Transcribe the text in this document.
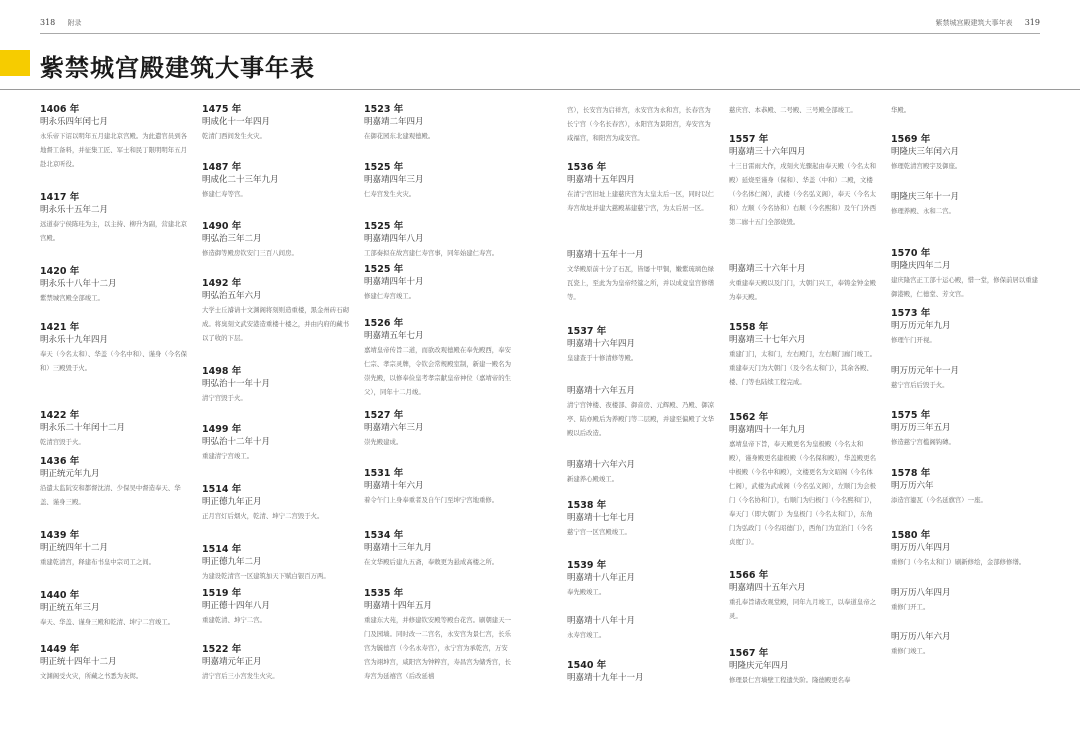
318 附录	紫禁城宫殿建筑大事年表 319
紫禁城宫殿建筑大事年表
1406 年
明永乐四年闰七月
永乐帝下诏以明年五月建北京宫殿。为此遣官员到各地督工备料，并征集工匠、军士和民丁限明明年五月赴北京听役。
1417 年
明永乐十五年二月
远道泰宁侯陈珪为主，以主持、柳升为副，营建北京宫殿。
1420 年
明永乐十八年十二月
紫禁城宫殿全部竣工。
1421 年
明永乐十九年四月
奉天（今名太和）、华盖（今名中和）、谨身（今名保和）三殿毁于火。
1422 年
明永乐二十年闰十二月
乾清宫毁于火。
1436 年
明正统元年九月
沿遣太监阮安和都督沈清、少保吴中督造奉天、华盖、谨身三殿。
1439 年
明正统四年十二月
重建乾清宫，释建布书皇中宗司工之间。
1440 年
明正统五年三月
奉天、华盖、谨身三殿和乾清、坤宁二宫竣工。
1449 年
明正统十四年十二月
文渊阁受火灾，所藏之书悉为灰烬。
1475 年
明成化十一年四月
乾清门西间发生火灾。
1487 年
明成化二十三年九月
修建仁寿等宫。
1490 年
明弘治三年二月
修造御等殿房钦安门三百八间房。
1492 年
明弘治五年六月
大学士丘濬请十文渊阁将刻则造重楼，黑金州砖石砌成。将臭刻文武安港造重楼十楼之，并由内府的藏书以了收的下层。
1498 年
明弘治十一年十月
清宁宫毁于火。
1499 年
明弘治十二年十月
重建清宁宫竣工。
1514 年
明正德九年正月
正月宫灯后烟火，乾清、坤宁二宫毁于火。
1514 年
明正德九年二月
为建设乾清宫一区建筑加天下赋白银百万两。
1519 年
明正德十四年八月
重建乾清、坤宁二宫。
1522 年
明嘉靖元年正月
清宁宫后三小宫发生火灾。
1523 年
明嘉靖二年四月
在御花园东北建观德殿。
1525 年
明嘉靖四年三月
仁寿宫发生火灾。
1525 年
明嘉靖四年八月
工部奏拟在故宫建仁寿宫事，同年始建仁寿宫。
1525 年
明嘉靖四年十月
修建仁寿宫竣工。
1526 年
明嘉靖五年七月
嘉靖皇帝传旨二道，而欲改观德殿在奉先殿西，奉安仁宗、孝宗灵牌，令钦会常规殿室制，新建一殿名为崇先殿，以修奉俭皇考孝宗献皇帝神位（嘉靖帝的生父），同年十二月竣。
1527 年
明嘉靖六年三月
崇先殿建成。
1531 年
明嘉靖十年六月
着令午门上身奉重者及自午门至坤宁宫地重修。
1534 年
明嘉靖十三年九月
在文华殿后建九五斋，奉敕更为悬成高楼之所。
1535 年
明嘉靖十四年五月
重建东大苑，并修建钦安殿等殿台花宫。刷朝建天一门及园墙。同时改一二宫名，永安宫为景仁宫，长乐宫为毓德宫（今名永寿宫），永宁宫为承乾宫，万安宫为翊坤宫，咸阳宫为钟粹宫，寿昌宫为储秀宫，长寿宫为延禧宫（后改延禧
宫），长安宫为启祥宫，永安宫为永和宫，长春宫为长宁宫（今名长春宫），永阳宫为景阳宫，寿安宫为咸福宫，和阳宫为咸安宫。
1536 年
明嘉靖十五年四月
在清宁宫旧址上建慈庆宫为太皇太后一区，同时以仁寿宫故址并建大慈殿基建慈宁宫，为太后居一区。
明嘉靖十五年十一月
文华殿原前十分了石瓦，皆屡十甲铜，嫩紫琉璃色绿瓦瓷上，至此为为皇帝经筵之所，并以成竟皇宫修缮等。
1537 年
明嘉靖十六年四月
皇建查于十修清修等殿。
明嘉靖十六年五月
清宁宫钟楼、夜楼部、御音房、元辉殿、乃殿、御凉亭、陆亦殿后为养殿门等二层殿，并建至偏殿了文华殿以后改造。
明嘉靖十六年六月
新建养心殿竣工。
1538 年
明嘉靖十七年七月
慈宁宫一区宫殿竣工。
1539 年
明嘉靖十八年正月
奉先殿竣工。
明嘉靖十八年十月
永寿宫竣工。
1540 年
明嘉靖十九年十一月
慈庆宫、本恭殿、二号殿、三号殿全部竣工。
1557 年
明嘉靖三十六年四月
十三日雷雨大作，戌刻火光骤起由奉天殿（今名太和殿）延烧至谨身（保和）、华盖（中和）二殿，文楼（今名体仁阁），武楼（今名弘义阁），奉天（今名太和）左顺（今名协和）右顺（今名熙和）及午门外西第二廊十五门全部烧毁。
明嘉靖三十六年十月
火重建奉天殿以及门门，大朝门兴工，奉铸金钟金殿为奉天殿。
1558 年
明嘉靖三十七年六月
重建门门，太和门，左右殿门，左右顺门廊门竣工。重建奉天门为大朝门（及今名太和门），其余各殿、楼、门等也陆续工程完成。
1562 年
明嘉靖四十一年九月
嘉靖皇帝下旨，奉天殿更名为皇极殿（今名太和殿），谨身殿更名建极殿（今名保和殿），华盖殿更名中极殿（今名中和殿），文楼更名为文昭阁（今名体仁阁），武楼为武成阁（今名弘义阁），左顺门为会极门（今名协和门），右顺门为归极门（今名熙和门），奉天门（即大朝门）为皇极门（今名太和门），东角门为弘政门（今名昭德门），西角门为宣治门（今名贞度门）。
1566 年
明嘉靖四十五年六月
重孔奉旨诸改观堂殿，同年九月竣工，以奉道皇帝之灵。
1567 年
明隆庆元年四月
修理景仁宫墙壁工程遗失阶。隆德殿更名奉
华殿。
1569 年
明隆庆三年闰六月
修理乾清宫殿宇及御座。
明隆庆三年十一月
修理养殿、永和二宫。
1570 年
明隆庆四年二月
建庆隆宫正工部十运心殿，惜一堂，修保前居以重建御港殿，仁德堂、芳文宫。
1573 年
明万历元年九月
修理午门开视。
明万历元年十一月
慈宁宫后后毁于火。
1575 年
明万历三年五月
修造慈宁宫槛阁钩磚。
1578 年
明万历六年
添造宫鎏瓦（今名延旗宫）一座。
1580 年
明万历八年四月
重修门（今名太和门）刷新修绘，金部修修缮。
明万历八年四月
重修门开工。
明万历八年六月
重修门竣工。
